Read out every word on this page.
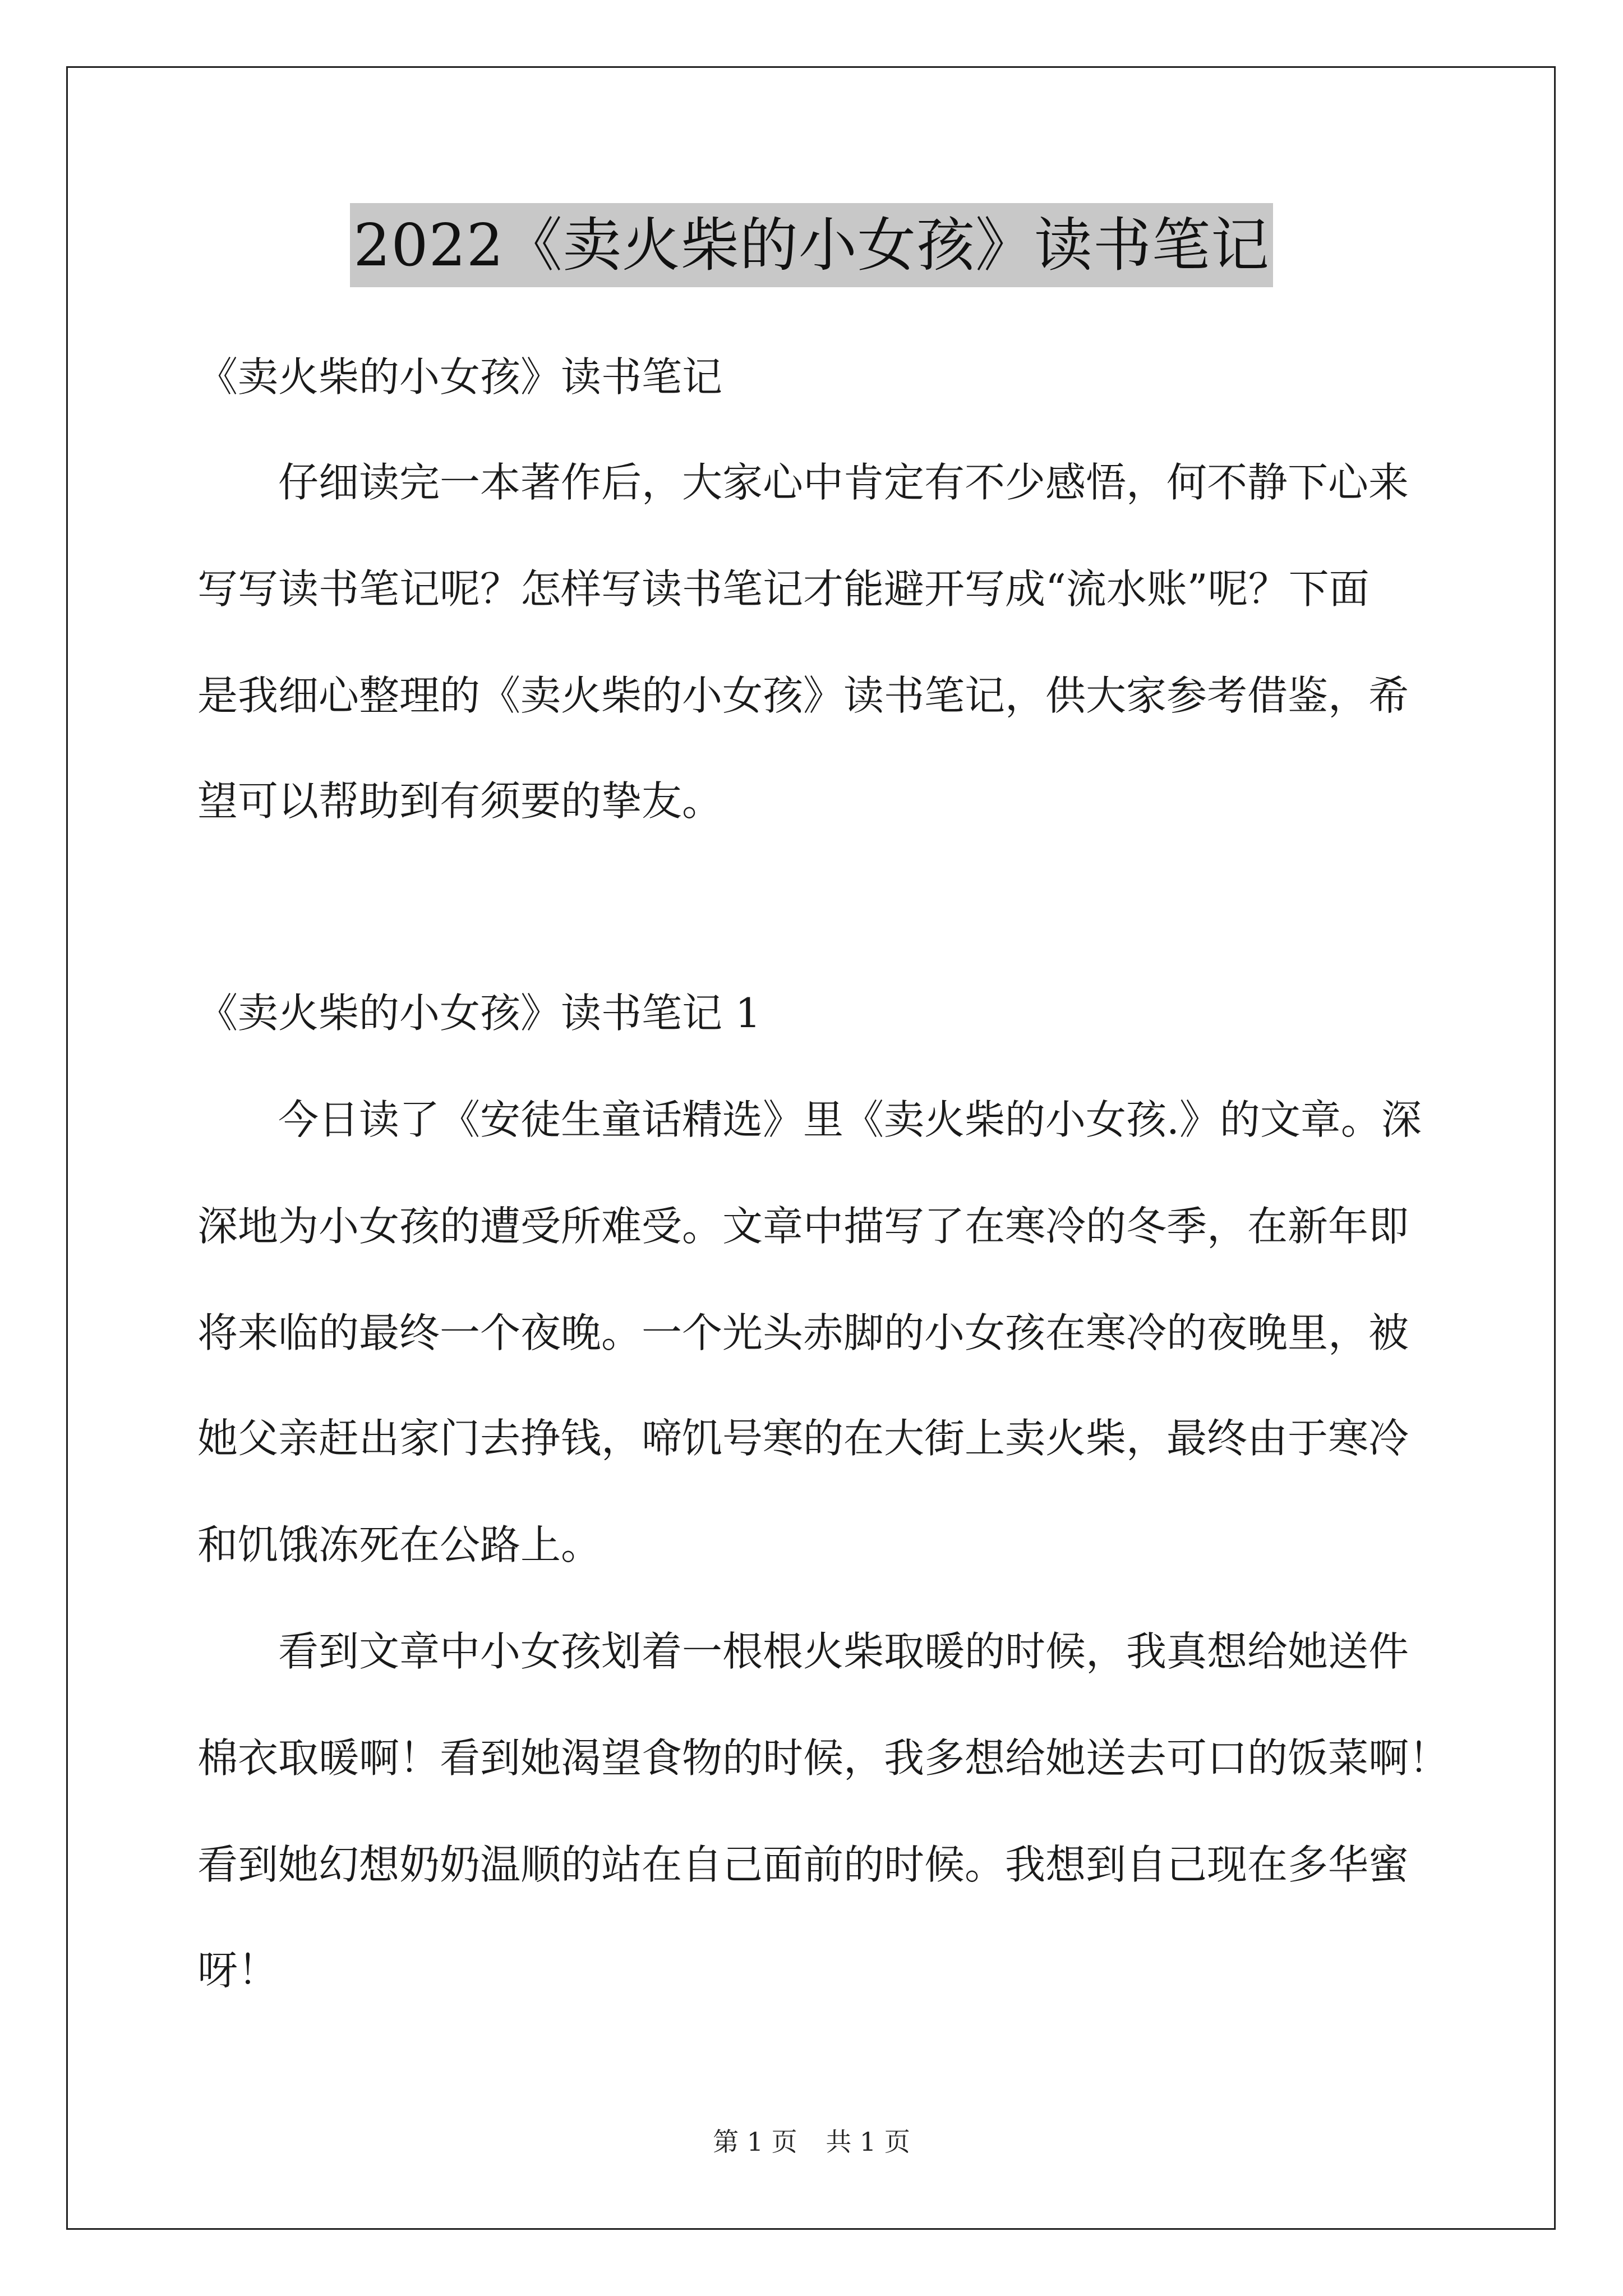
2022《卖火柴的小女孩》读书笔记
《卖火柴的小女孩》读书笔记
仔细读完一本著作后，大家心中肯定有不少感悟，何不静下心来
写写读书笔记呢？怎样写读书笔记才能避开写成“流水账”呢？下面
是我细心整理的《卖火柴的小女孩》读书笔记，供大家参考借鉴，希
望可以帮助到有须要的挚友。
《卖火柴的小女孩》读书笔记 1
今日读了《安徒生童话精选》里《卖火柴的小女孩.》的文章。深
深地为小女孩的遭受所难受。文章中描写了在寒冷的冬季，在新年即
将来临的最终一个夜晚。一个光头赤脚的小女孩在寒冷的夜晚里，被
她父亲赶出家门去挣钱，啼饥号寒的在大街上卖火柴，最终由于寒冷
和饥饿冻死在公路上。
看到文章中小女孩划着一根根火柴取暖的时候，我真想给她送件
棉衣取暖啊！看到她渴望食物的时候，我多想给她送去可口的饭菜啊！
看到她幻想奶奶温顺的站在自己面前的时候。我想到自己现在多华蜜
呀！
第 1 页 共 1 页
